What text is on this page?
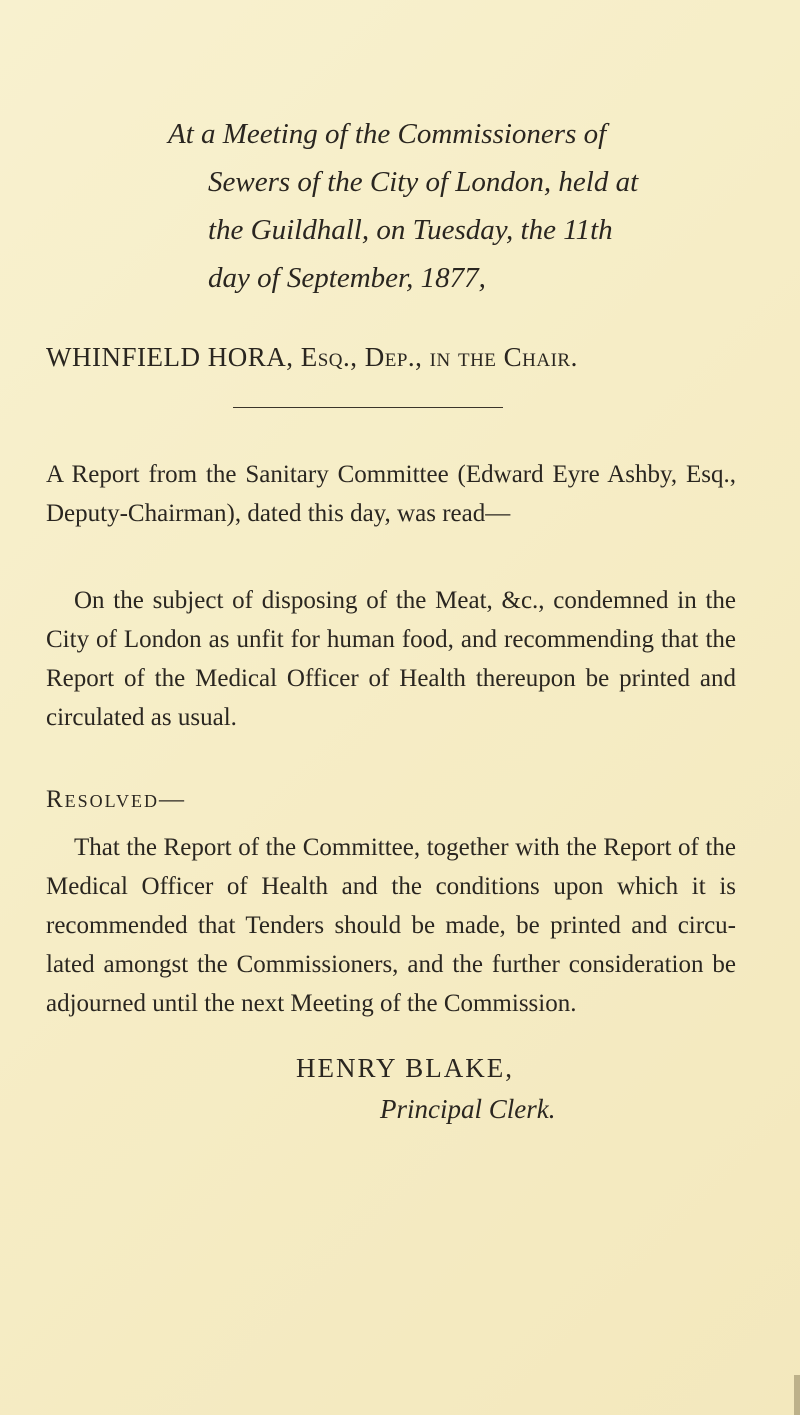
At a Meeting of the Commissioners of
Sewers of the City of London, held at
the Guildhall, on Tuesday, the 11th
day of September, 1877,

WHINFIELD HORA, Esq., Dep., in the Chair.

A Report from the Sanitary Committee (Edward Eyre Ashby, Esq., Deputy-Chairman), dated this day, was read—

On the subject of disposing of the Meat, &c., condemned in the City of London as unfit for human food, and recommending that the Report of the Medical Officer of Health thereupon be printed and circulated as usual.

Resolved—

That the Report of the Committee, together with the Report of the Medical Officer of Health and the conditions upon which it is recommended that Tenders should be made, be printed and circu-lated amongst the Commissioners, and the further consideration be adjourned until the next Meeting of the Commission.

HENRY BLAKE,

Principal Clerk.
